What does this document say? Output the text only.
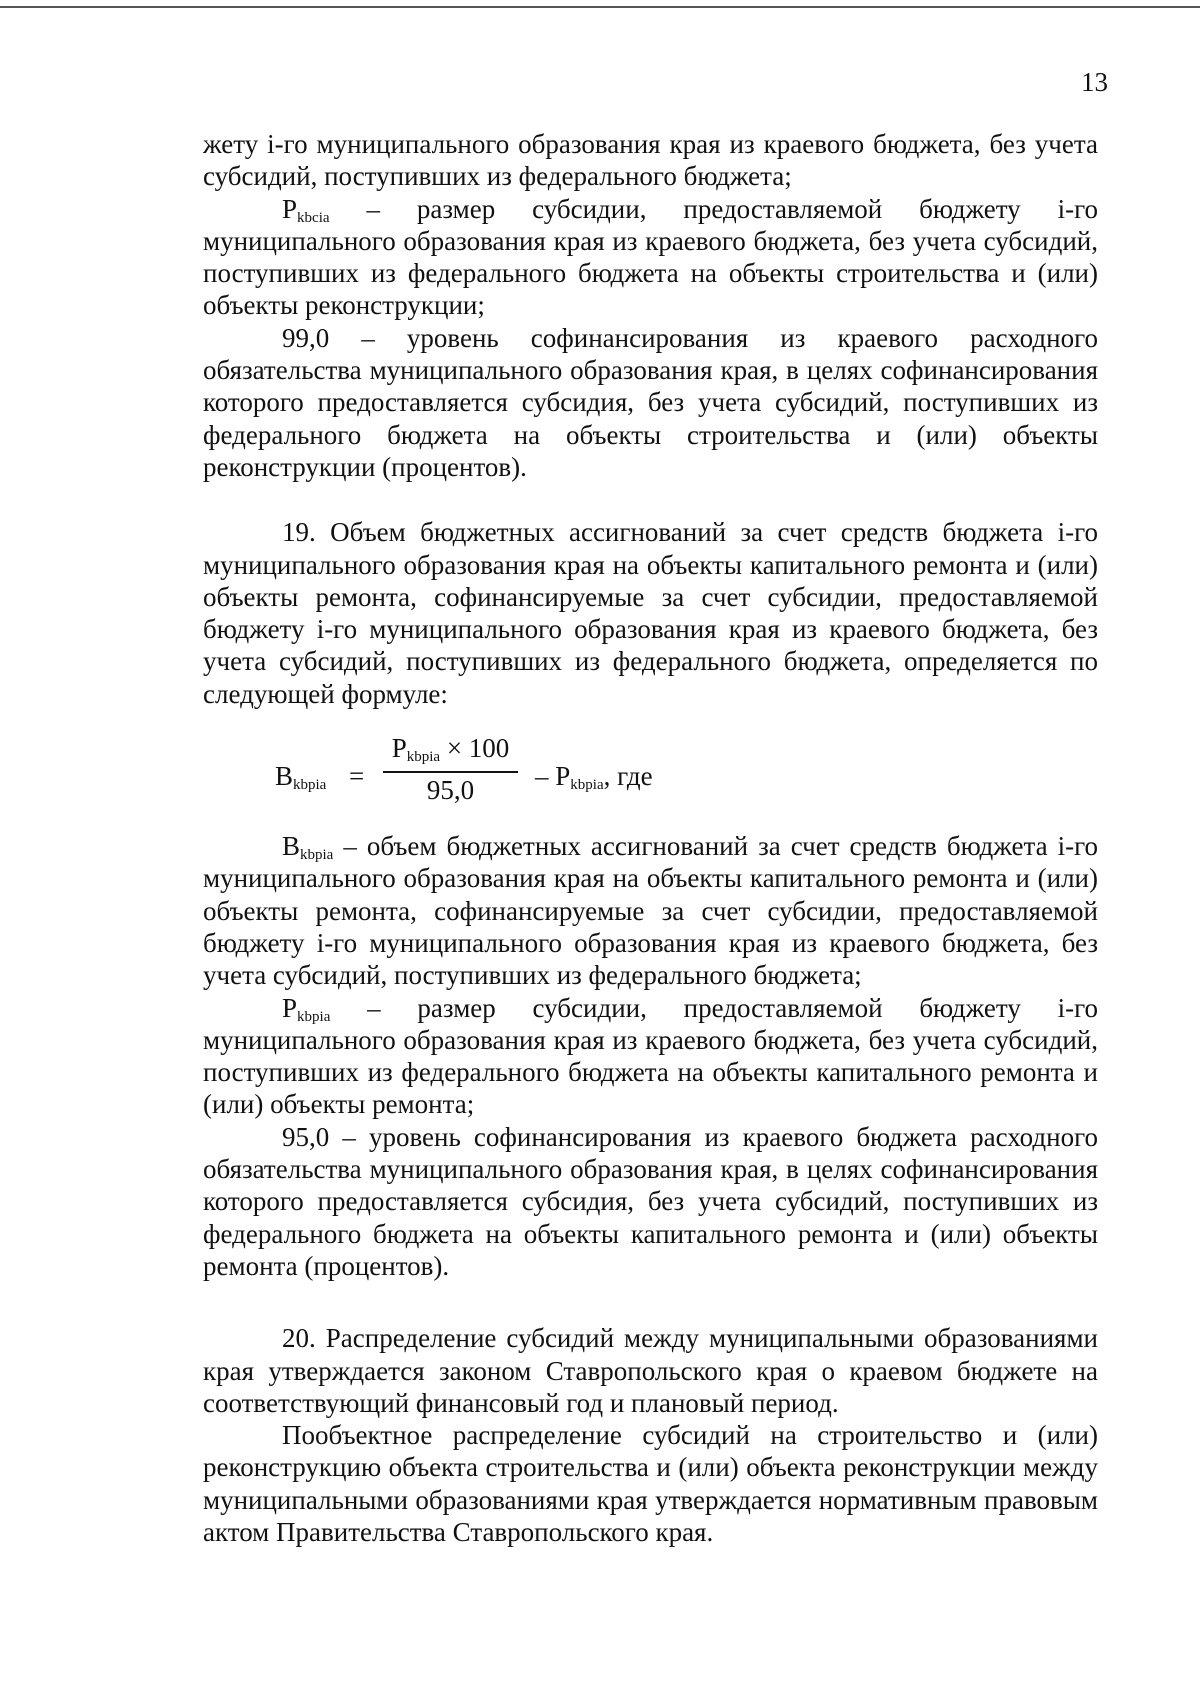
13

жету i-го муниципального образования края из краевого бюджета, без учета субсидий, поступивших из федерального бюджета;

$P_{kbcia}$ – размер субсидии, предоставляемой бюджету i-го муниципального образования края из краевого бюджета, без учета субсидий, поступивших из федерального бюджета на объекты строительства и (или) объекты реконструкции;

99,0 – уровень софинансирования из краевого расходного обязательства муниципального образования края, в целях софинансирования которого предоставляется субсидия, без учета субсидий, поступивших из федерального бюджета на объекты строительства и (или) объекты реконструкции (процентов).

19. Объем бюджетных ассигнований за счет средств бюджета i-го муниципального образования края на объекты капитального ремонта и (или) объекты ремонта, софинансируемые за счет субсидии, предоставляемой бюджету i-го муниципального образования края из краевого бюджета, без учета субсидий, поступивших из федерального бюджета, определяется по следующей формуле:

$B_{kbpia}$ =
$P_{kbpia} \times 100$
95,0	– $P_{kbpia}$, где

$B_{kbpia}$ – объем бюджетных ассигнований за счет средств бюджета i-го муниципального образования края на объекты капитального ремонта и (или) объекты ремонта, софинансируемые за счет субсидии, предоставляемой бюджету i-го муниципального образования края из краевого бюджета, без учета субсидий, поступивших из федерального бюджета;

$P_{kbpia}$ – размер субсидии, предоставляемой бюджету i-го муниципального образования края из краевого бюджета, без учета субсидий, поступивших из федерального бюджета на объекты капитального ремонта и (или) объекты ремонта;

95,0 – уровень софинансирования из краевого бюджета расходного обязательства муниципального образования края, в целях софинансирования которого предоставляется субсидия, без учета субсидий, поступивших из федерального бюджета на объекты капитального ремонта и (или) объекты ремонта (процентов).

20. Распределение субсидий между муниципальными образованиями края утверждается законом Ставропольского края о краевом бюджете на соответствующий финансовый год и плановый период.

Пообъектное распределение субсидий на строительство и (или) реконструкцию объекта строительства и (или) объекта реконструкции между муниципальными образованиями края утверждается нормативным правовым актом Правительства Ставропольского края.
